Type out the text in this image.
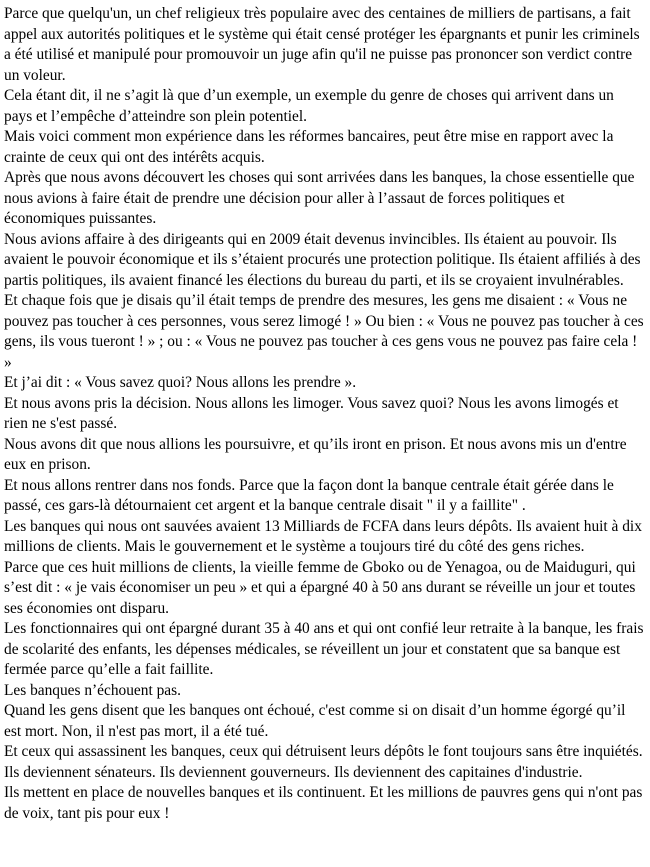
Parce que quelqu'un, un chef religieux très populaire avec des centaines de milliers de partisans, a fait appel aux autorités politiques et le système qui était censé protéger les épargnants et punir les criminels a été utilisé et manipulé pour promouvoir un juge afin qu'il ne puisse pas prononcer son verdict contre un voleur.

Cela étant dit, il ne s’agit là que d’un exemple, un exemple du genre de choses qui arrivent dans un pays et l’empêche d’atteindre son plein potentiel.

Mais voici comment mon expérience dans les réformes bancaires, peut être mise en rapport avec la crainte de ceux qui ont des intérêts acquis.

Après que nous avons découvert les choses qui sont arrivées dans les banques, la chose essentielle que nous avions à faire était de prendre une décision pour aller à l’assaut de forces politiques et économiques puissantes.

Nous avions affaire à des dirigeants qui en 2009 était devenus invincibles. Ils étaient au pouvoir. Ils avaient le pouvoir économique et ils s’étaient procurés une protection politique. Ils étaient affiliés à des partis politiques, ils avaient financé les élections du bureau du parti, et ils se croyaient invulnérables.

Et chaque fois que je disais qu’il était temps de prendre des mesures, les gens me disaient : « Vous ne pouvez pas toucher à ces personnes, vous serez limogé ! » Ou bien : « Vous ne pouvez pas toucher à ces gens, ils vous tueront ! » ; ou : « Vous ne pouvez pas toucher à ces gens vous ne pouvez pas faire cela ! »

Et j’ai dit : « Vous savez quoi? Nous allons les prendre ».

Et nous avons pris la décision. Nous allons les limoger. Vous savez quoi? Nous les avons limogés et rien ne s'est passé.

Nous avons dit que nous allions les poursuivre, et qu’ils iront en prison. Et nous avons mis un d'entre eux en prison.

Et nous allons rentrer dans nos fonds. Parce que la façon dont la banque centrale était gérée dans le passé, ces gars-là détournaient cet argent et la banque centrale disait " il y a faillite" .

Les banques qui nous ont sauvées avaient 13 Milliards de FCFA dans leurs dépôts. Ils avaient huit à dix millions de clients. Mais le gouvernement et le système a toujours tiré du côté des gens riches.

Parce que ces huit millions de clients, la vieille femme de Gboko ou de Yenagoa, ou de Maiduguri, qui s’est dit : « je vais économiser un peu » et qui a épargné 40 à 50 ans durant se réveille un jour et toutes ses économies ont disparu.

Les fonctionnaires qui ont épargné durant 35 à 40 ans et qui ont confié leur retraite à la banque, les frais de scolarité des enfants, les dépenses médicales, se réveillent un jour et constatent que sa banque est fermée parce qu’elle a fait faillite.

Les banques n’échouent pas.

Quand les gens disent que les banques ont échoué, c'est comme si on disait d’un homme égorgé qu’il est mort. Non, il n'est pas mort, il a été tué.

Et ceux qui assassinent les banques, ceux qui détruisent leurs dépôts le font toujours sans être inquiétés. Ils deviennent sénateurs. Ils deviennent gouverneurs. Ils deviennent des capitaines d'industrie.

Ils mettent en place de nouvelles banques et ils continuent. Et les millions de pauvres gens qui n'ont pas de voix, tant pis pour eux !
